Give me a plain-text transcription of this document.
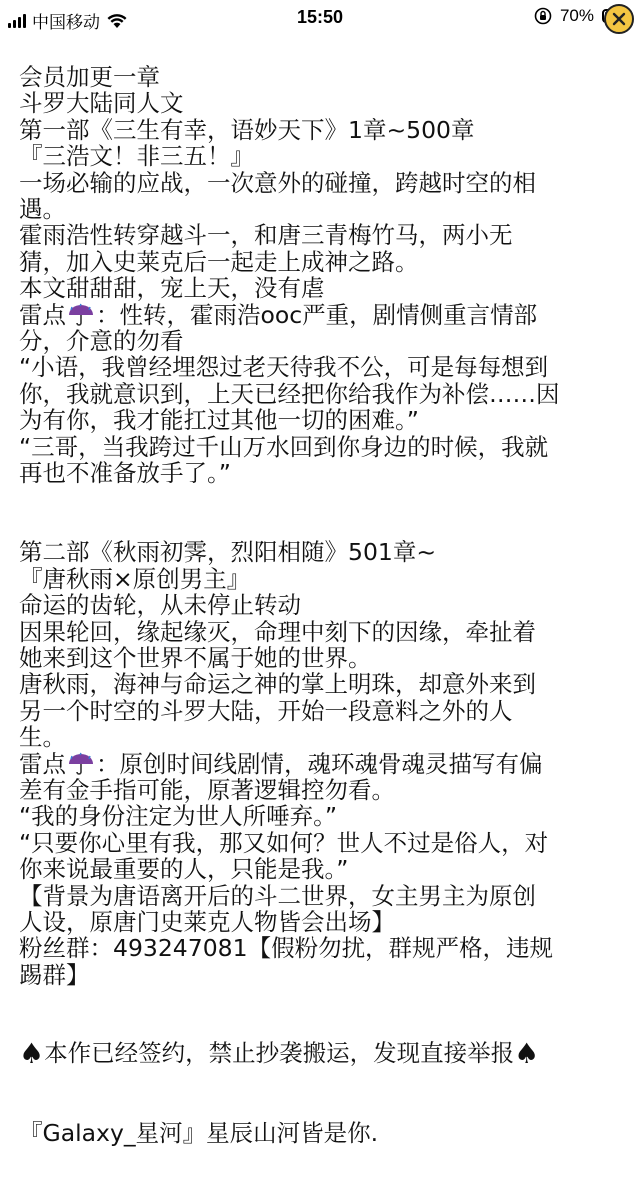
中国移动	15:50	70%
会员加更一章
斗罗大陆同人文
第一部《三生有幸，语妙天下》1章~500章
『三浩文！非三五！』
一场必输的应战，一次意外的碰撞，跨越时空的相
遇。
霍雨浩性转穿越斗一，和唐三青梅竹马，两小无
猜，加入史莱克后一起走上成神之路。
本文甜甜甜，宠上天，没有虐
雷点 ：性转，霍雨浩ooc严重，剧情侧重言情部
分，介意的勿看
“小语，我曾经埋怨过老天待我不公，可是每每想到
你，我就意识到，上天已经把你给我作为补偿……因
为有你，我才能扛过其他一切的困难。”
“三哥，当我跨过千山万水回到你身边的时候，我就
再也不准备放手了。”
第二部《秋雨初霁，烈阳相随》501章~
『唐秋雨×原创男主』
命运的齿轮，从未停止转动
因果轮回，缘起缘灭，命理中刻下的因缘，牵扯着
她来到这个世界不属于她的世界。
唐秋雨，海神与命运之神的掌上明珠，却意外来到
另一个时空的斗罗大陆，开始一段意料之外的人
生。
雷点 ：原创时间线剧情，魂环魂骨魂灵描写有偏
差有金手指可能，原著逻辑控勿看。
“我的身份注定为世人所唾弃。”
“只要你心里有我，那又如何？世人不过是俗人，对
你来说最重要的人，只能是我。”
【背景为唐语离开后的斗二世界，女主男主为原创
人设，原唐门史莱克人物皆会出场】
粉丝群：493247081【假粉勿扰，群规严格，违规
踢群】
♠本作已经签约，禁止抄袭搬运，发现直接举报♠
『Galaxy_星河』星辰山河皆是你.
